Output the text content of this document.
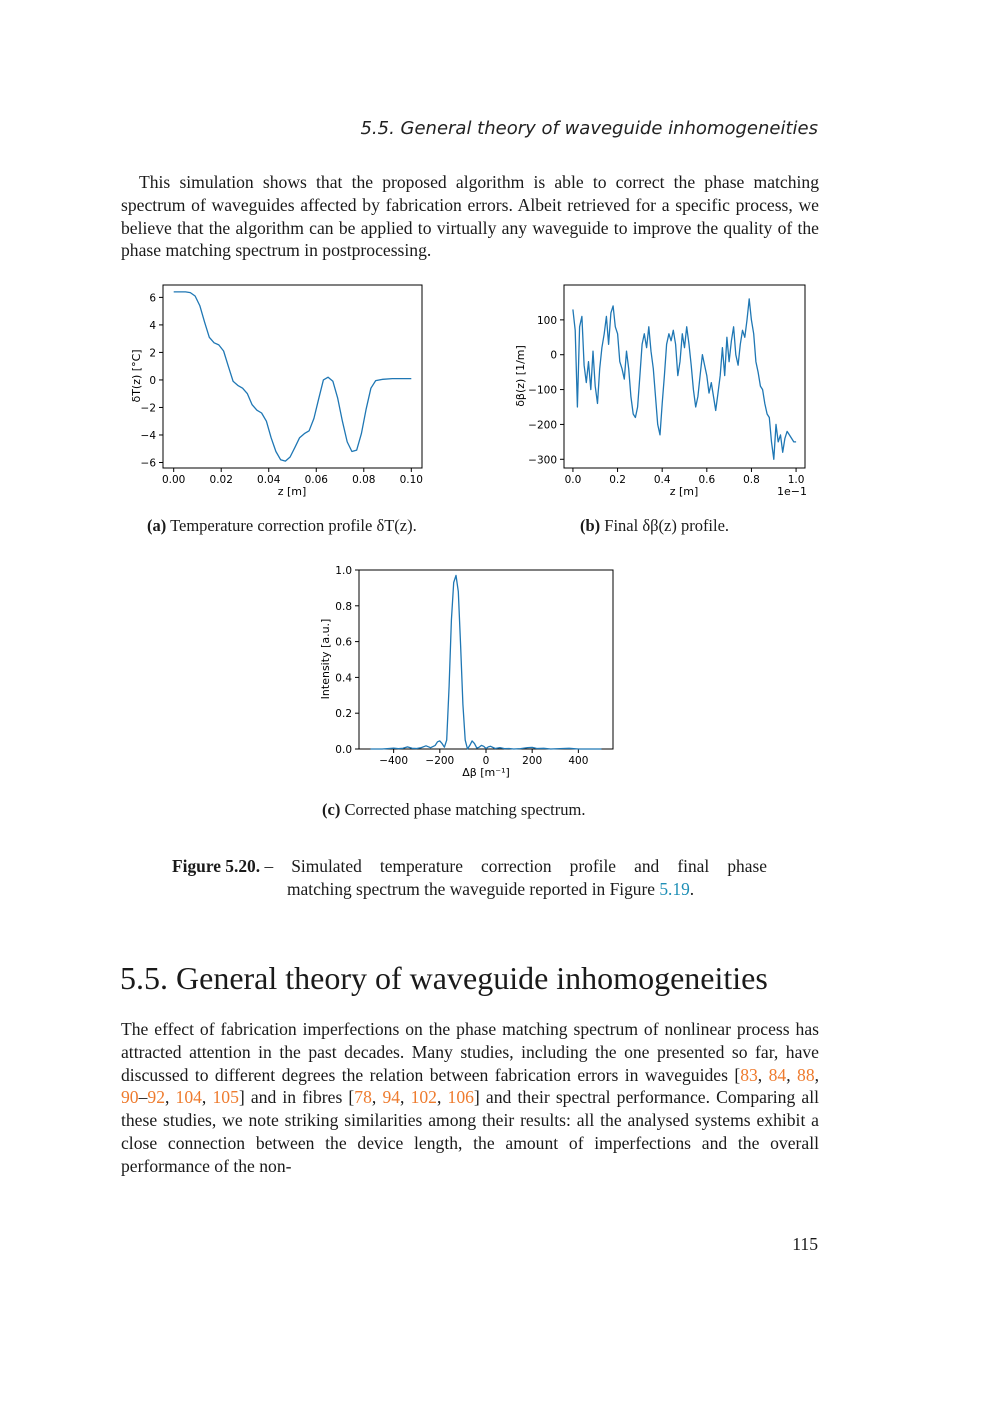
5.5. General theory of waveguide inhomogeneities

This simulation shows that the proposed algorithm is able to correct the phase matching spectrum of waveguides affected by fabrication errors. Albeit retrieved for a specific process, we believe that the algorithm can be applied to virtually any waveguide to improve the quality of the phase matching spectrum in postprocessing.

0.00 0.02 0.04 0.06 0.08 0.10
6
4
2
0
−2
−4
−6
z [m]
δT(z) [°C]
(a) Temperature correction profile δT(z).
0.0	0.2	0.4	0.6	0.8	1.0
100
0
−100
−200
−300
z [m]	1e−1
δβ(z) [1/m]
(b) Final δβ(z) profile.
−400 −200	0	200 400
0.0
0.2
0.4
0.6
0.8
1.0
Δβ [m⁻¹]
Intensity [a.u.]
(c) Corrected phase matching spectrum.
Figure 5.20. – Simulated temperature correction profile and final phase
matching spectrum the waveguide reported in Figure 5.19.
5.5. General theory of waveguide inhomogeneities

The effect of fabrication imperfections on the phase matching spectrum of nonlinear process has attracted attention in the past decades. Many studies, including the one presented so far, have discussed to different degrees the relation between fabrication errors in waveguides [83, 84, 88, 90–92, 104, 105] and in fibres [78, 94, 102, 106] and their spectral performance. Comparing all these studies, we note striking similarities among their results: all the analysed systems exhibit a close connection between the device length, the amount of imperfections and the overall performance of the non-

115
